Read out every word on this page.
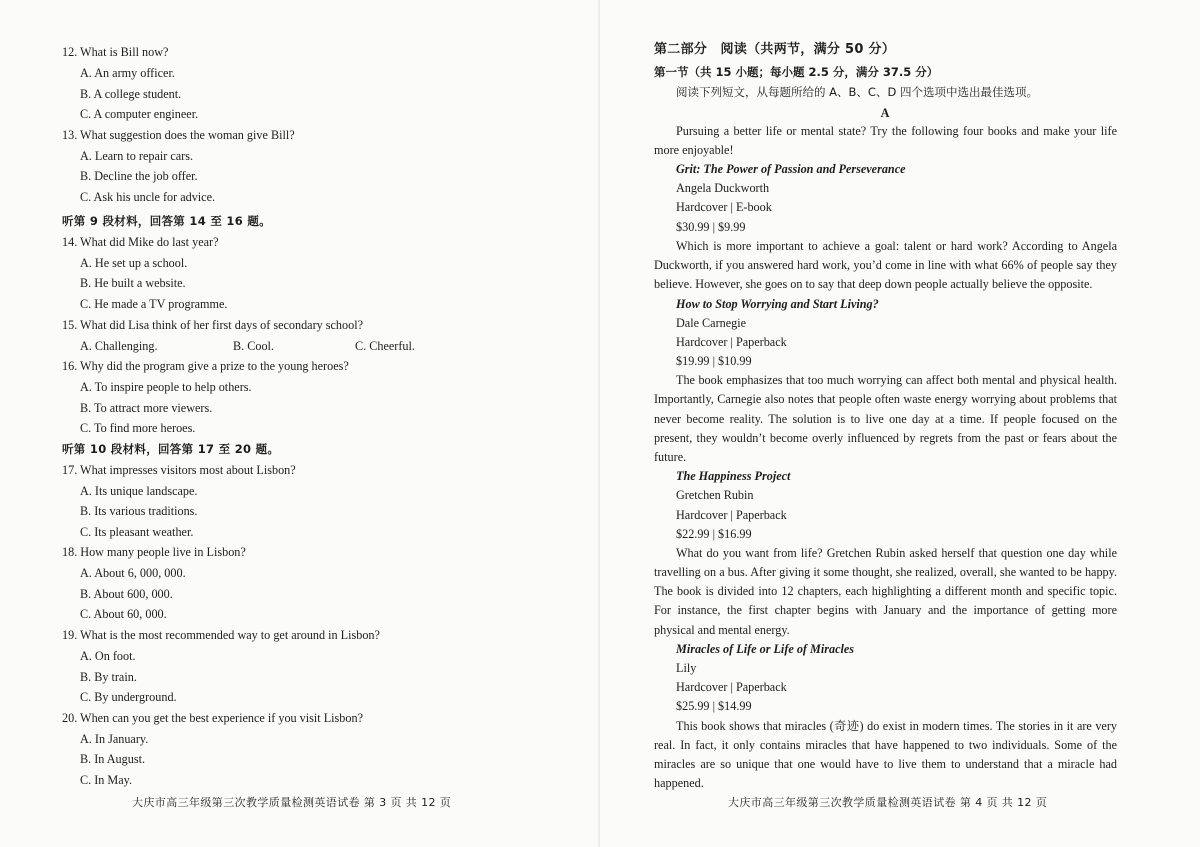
12. What is Bill now?
A. An army officer.
B. A college student.
C. A computer engineer.
13. What suggestion does the woman give Bill?
A. Learn to repair cars.
B. Decline the job offer.
C. Ask his uncle for advice.
听第 9 段材料，回答第 14 至 16 题。
14. What did Mike do last year?
A. He set up a school.
B. He built a website.
C. He made a TV programme.
15. What did Lisa think of her first days of secondary school?
A. Challenging.	B. Cool.	C. Cheerful.
16. Why did the program give a prize to the young heroes?
A. To inspire people to help others.
B. To attract more viewers.
C. To find more heroes.
听第 10 段材料，回答第 17 至 20 题。
17. What impresses visitors most about Lisbon?
A. Its unique landscape.
B. Its various traditions.
C. Its pleasant weather.
18. How many people live in Lisbon?
A. About 6, 000, 000.
B. About 600, 000.
C. About 60, 000.
19. What is the most recommended way to get around in Lisbon?
A. On foot.
B. By train.
C. By underground.
20. When can you get the best experience if you visit Lisbon?
A. In January.
B. In August.
C. In May.
大庆市高三年级第三次教学质量检测英语试卷 第 3 页 共 12 页
第二部分　阅读（共两节，满分 50 分）
第一节（共 15 小题；每小题 2.5 分，满分 37.5 分）
阅读下列短文，从每题所给的 A、B、C、D 四个选项中选出最佳选项。
A
Pursuing a better life or mental state? Try the following four books and make your life
more enjoyable!
Grit: The Power of Passion and Perseverance
Angela Duckworth
Hardcover | E-book
$30.99 | $9.99
Which is more important to achieve a goal: talent or hard work? According to Angela
Duckworth, if you answered hard work, you’d come in line with what 66% of people say they
believe. However, she goes on to say that deep down people actually believe the opposite.
How to Stop Worrying and Start Living?
Dale Carnegie
Hardcover | Paperback
$19.99 | $10.99
The book emphasizes that too much worrying can affect both mental and physical health.
Importantly, Carnegie also notes that people often waste energy worrying about problems that
never become reality. The solution is to live one day at a time. If people focused on the
present, they wouldn’t become overly influenced by regrets from the past or fears about the
future.
The Happiness Project
Gretchen Rubin
Hardcover | Paperback
$22.99 | $16.99
What do you want from life? Gretchen Rubin asked herself that question one day while
travelling on a bus. After giving it some thought, she realized, overall, she wanted to be happy.
The book is divided into 12 chapters, each highlighting a different month and specific topic.
For instance, the first chapter begins with January and the importance of getting more
physical and mental energy.
Miracles of Life or Life of Miracles
Lily
Hardcover | Paperback
$25.99 | $14.99
This book shows that miracles (奇迹) do exist in modern times. The stories in it are very
real. In fact, it only contains miracles that have happened to two individuals. Some of the
miracles are so unique that one would have to live them to understand that a miracle had
happened.
大庆市高三年级第三次教学质量检测英语试卷 第 4 页 共 12 页
